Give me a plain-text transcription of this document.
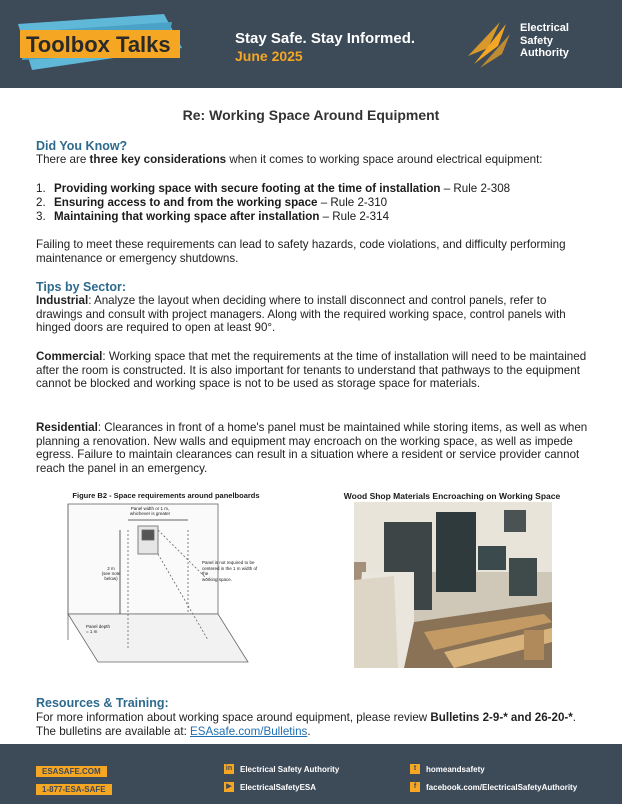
Toolbox Talks	Stay Safe. Stay Informed.
June 2025
Electrical
Safety
Authority
Re: Working Space Around Equipment
Did You Know?
There are three key considerations when it comes to working space around electrical equipment:
1. Providing working space with secure footing at the time of installation – Rule 2-308
2. Ensuring access to and from the working space – Rule 2-310
3. Maintaining that working space after installation – Rule 2-314
Failing to meet these requirements can lead to safety hazards, code violations, and difficulty performing maintenance or emergency shutdowns.
Tips by Sector:
Industrial: Analyze the layout when deciding where to install disconnect and control panels, refer to drawings and consult with project managers. Along with the required working space, control panels with hinged doors are required to open at least 90°.
Commercial: Working space that met the requirements at the time of installation will need to be maintained after the room is constructed. It is also important for tenants to understand that pathways to the equipment cannot be blocked and working space is not to be used as storage space for materials.
Residential: Clearances in front of a home's panel must be maintained while storing items, as well as when planning a renovation. New walls and equipment may encroach on the working space, as well as impede egress. Failure to maintain clearances can result in a situation where a resident or service provider cannot reach the panel in an emergency.
Figure B2 - Space requirements around panelboards
Panel width or 1 m,
whichever is greater
2 m
(see note
below)
Panel is not required to be
centered in the 1 m width of the
working space.
Panel depth
= 1 m
Wood Shop Materials Encroaching on Working Space
Resources & Training:
For more information about working space around equipment, please review Bulletins 2-9-* and 26-20-*. The bulletins are available at: ESAsafe.com/Bulletins.
ESASAFE.COM
1-877-ESA-SAFE
in Electrical Safety Authority
▶ ElectricalSafetyESA
t	homeandsafety
f	facebook.com/ElectricalSafetyAuthority
